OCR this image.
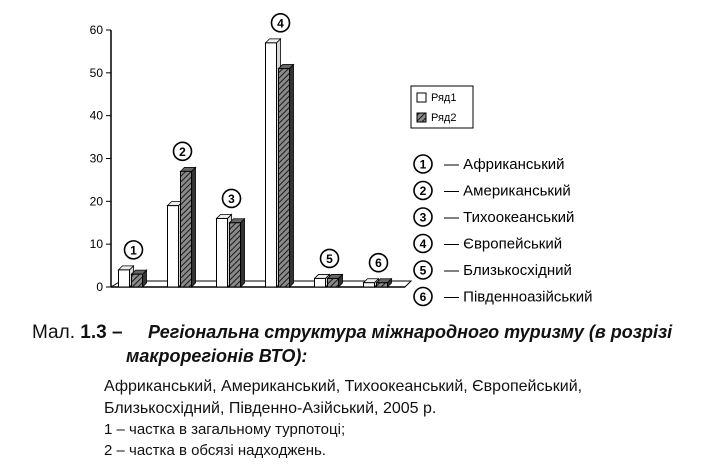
0
10
20
30
40
50
60
1
2
3
4
5	6
Ряд1
Ряд2
1 — Африканський
2 — Американський
3 — Тихоокеанський
4 — Європейський
5 — Близькосхідний
6 — Південноазійський
Мал. 1.3 – Регіональна структура міжнародного туризму (в розрізі
макрорегіонів ВТО):
Африканський, Американський, Тихоокеанський, Європейський,
Близькосхідний, Південно-Азійський, 2005 р.
1 – частка в загальному турпотоці;
2 – частка в обсязі надходжень.
